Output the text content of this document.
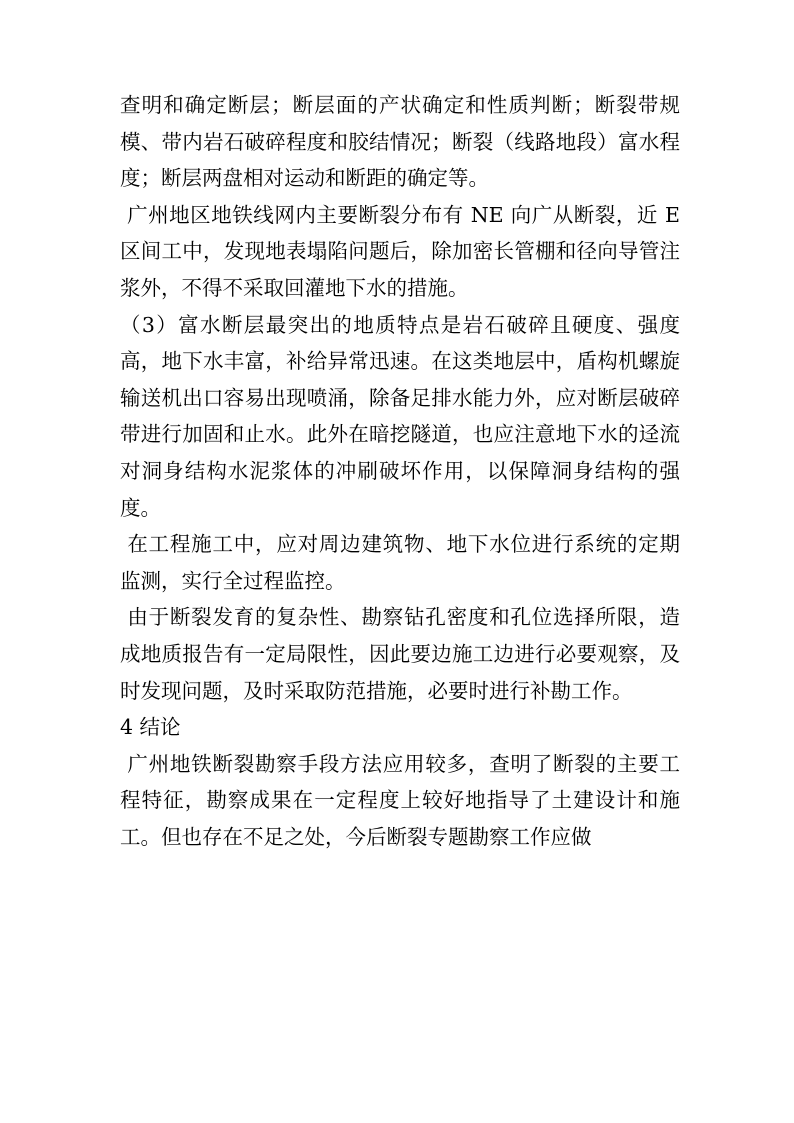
查明和确定断层；断层面的产状确定和性质判断；断裂带规模、带内岩石破碎程度和胶结情况；断裂（线路地段）富水程度；断层两盘相对运动和断距的确定等。

广州地区地铁线网内主要断裂分布有 NE 向广从断裂，近 E 区间工中，发现地表塌陷问题后，除加密长管棚和径向导管注浆外，不得不采取回灌地下水的措施。

（3）富水断层最突出的地质特点是岩石破碎且硬度、强度高，地下水丰富，补给异常迅速。在这类地层中，盾构机螺旋输送机出口容易出现喷涌，除备足排水能力外，应对断层破碎带进行加固和止水。此外在暗挖隧道，也应注意地下水的迳流对洞身结构水泥浆体的冲刷破坏作用，以保障洞身结构的强度。

在工程施工中，应对周边建筑物、地下水位进行系统的定期监测，实行全过程监控。

由于断裂发育的复杂性、勘察钻孔密度和孔位选择所限，造成地质报告有一定局限性，因此要边施工边进行必要观察，及时发现问题，及时采取防范措施，必要时进行补勘工作。

4 结论

广州地铁断裂勘察手段方法应用较多，查明了断裂的主要工程特征，勘察成果在一定程度上较好地指导了土建设计和施工。但也存在不足之处，今后断裂专题勘察工作应做
